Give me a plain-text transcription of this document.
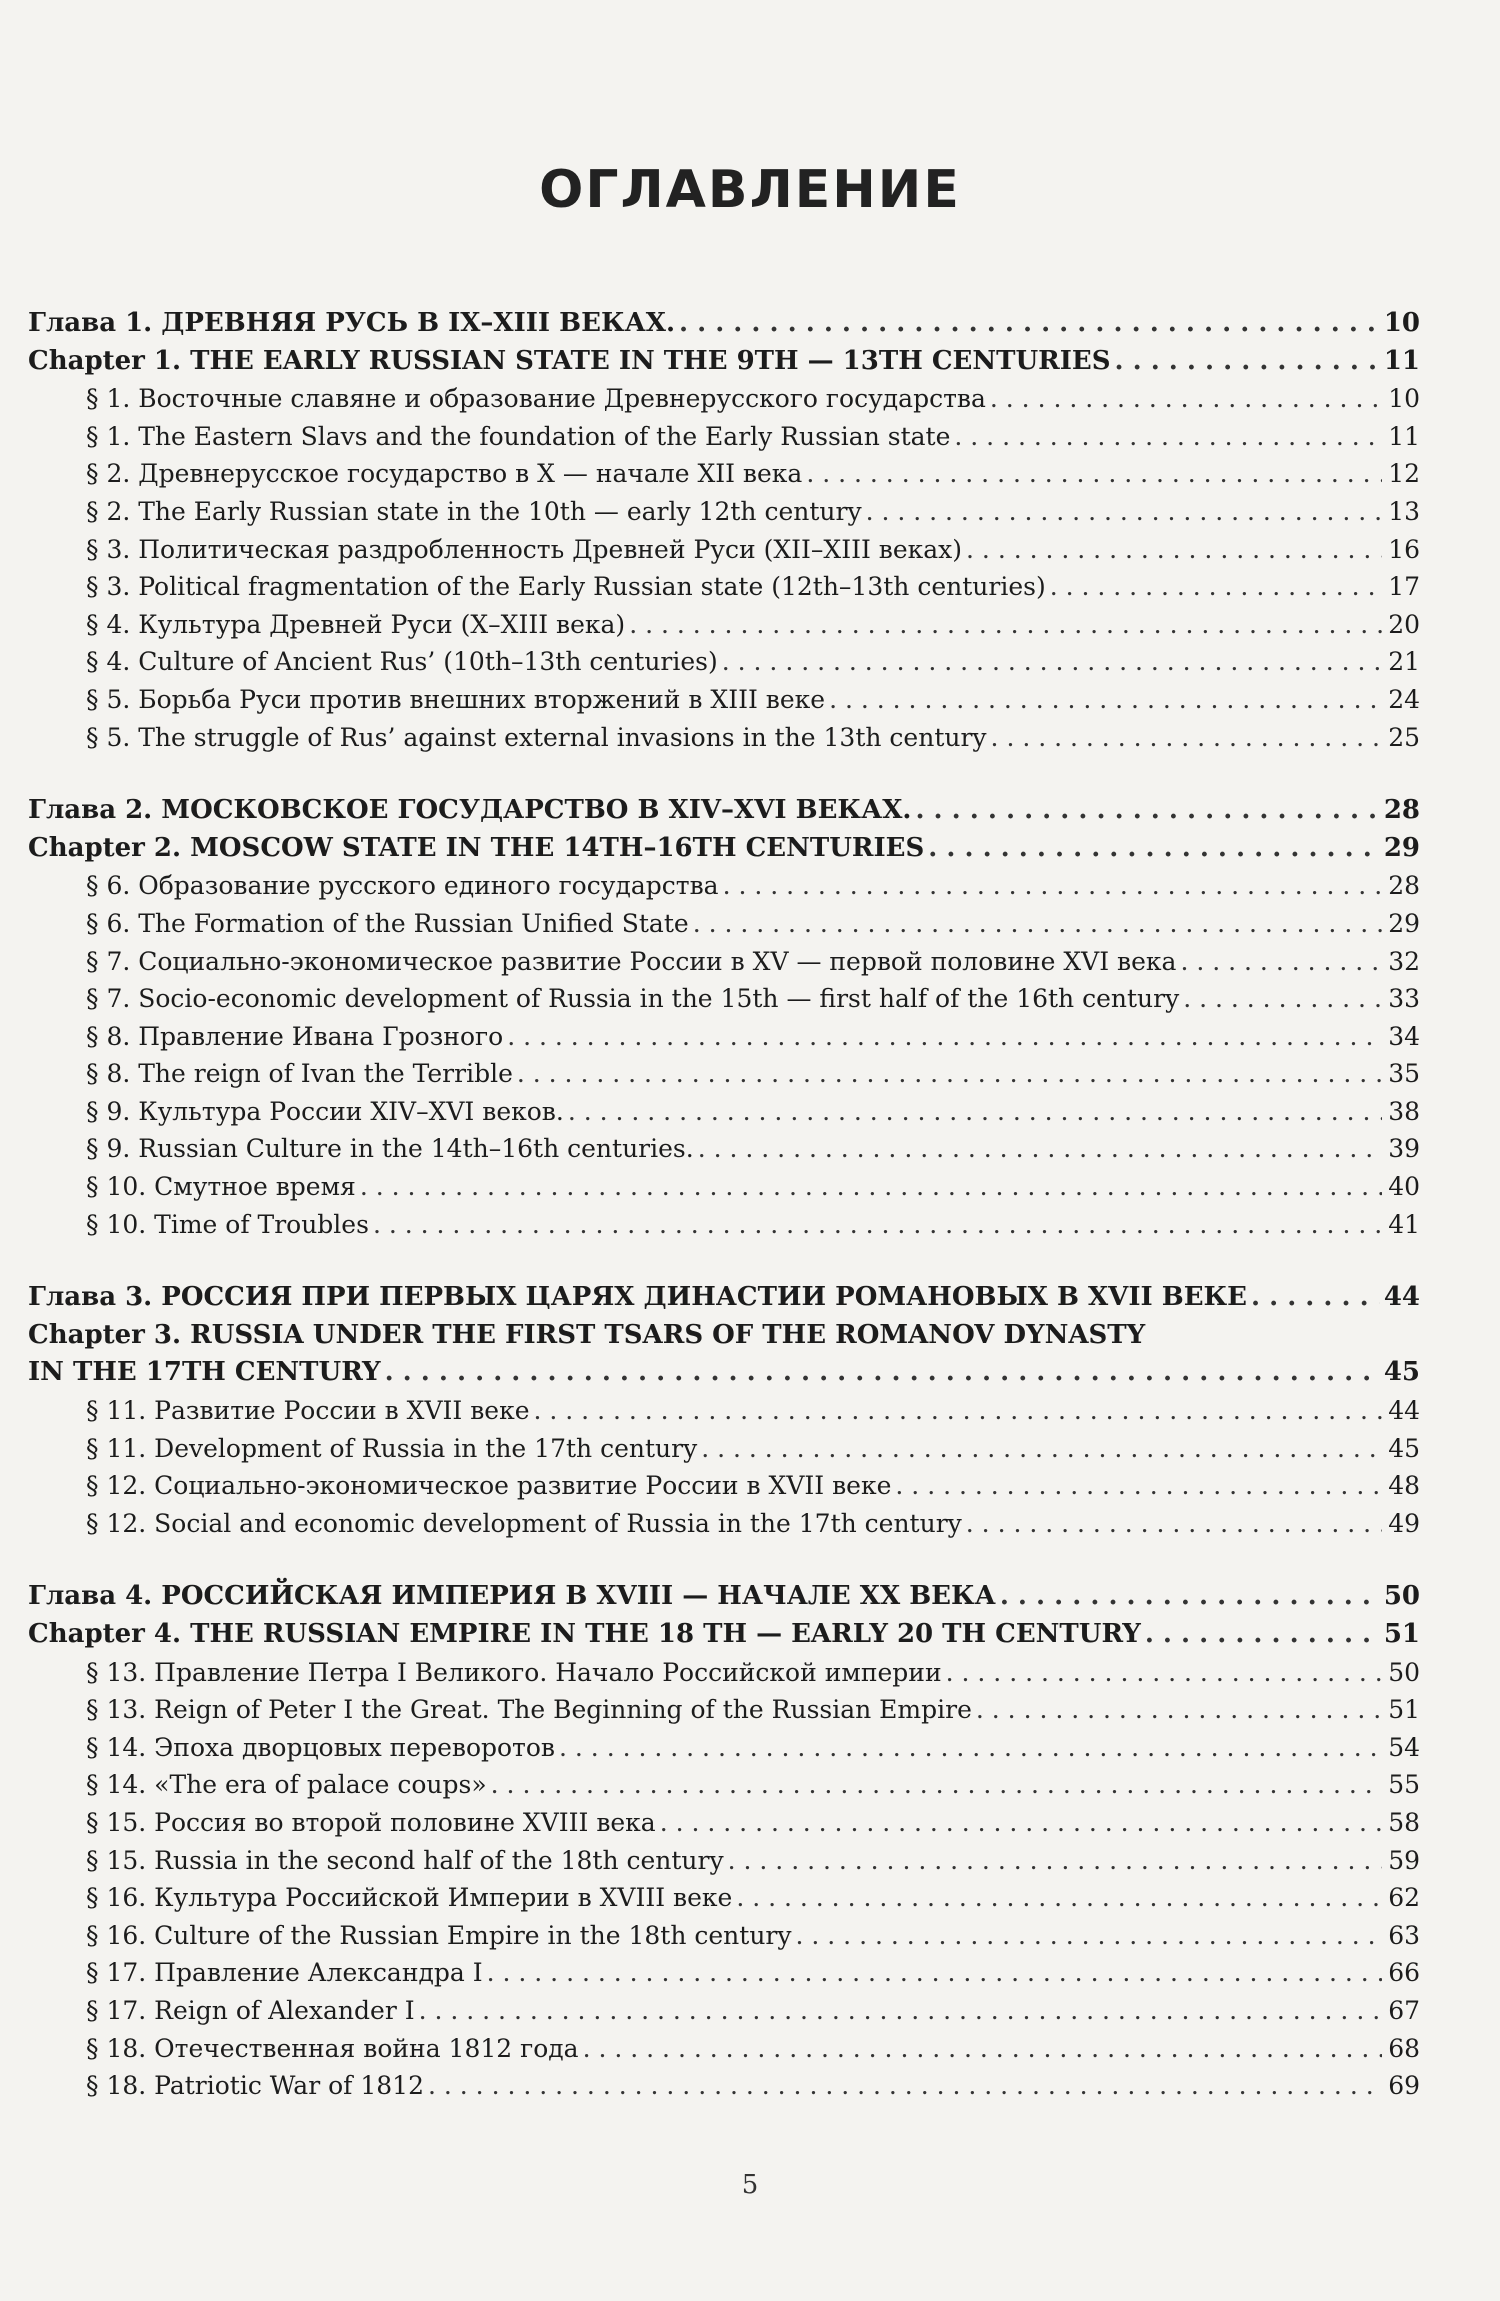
ОГЛАВЛЕНИЕ
Глава 1. ДРЕВНЯЯ РУСЬ В IX–XIII ВЕКАХ. . . .	10
Chapter 1. THE EARLY RUSSIAN STATE IN THE 9TH — 13TH CENTURIES . . .	11
§ 1. Восточные славяне и образование Древнерусского государства . . .	10
§ 1. The Eastern Slavs and the foundation of the Early Russian state . . .	11
§ 2. Древнерусское государство в X — начале XII века . . .	12
§ 2. The Early Russian state in the 10th — early 12th century . . .	13
§ 3. Политическая раздробленность Древней Руси (XII–XIII веках) . . .	16
§ 3. Political fragmentation of the Early Russian state (12th–13th centuries) . . .	17
§ 4. Культура Древней Руси (X–XIII века) . . .	20
§ 4. Culture of Ancient Rus’ (10th–13th centuries) . . .	21
§ 5. Борьба Руси против внешних вторжений в XIII веке . . .	24
§ 5. The struggle of Rus’ against external invasions in the 13th century . . .	25
Глава 2. МОСКОВСКОЕ ГОСУДАРСТВО В XIV–XVI ВЕКАХ. . . .	28
Chapter 2. MOSCOW STATE IN THE 14TH–16TH CENTURIES . . .	29
§ 6. Образование русского единого государства . . .	28
§ 6. The Formation of the Russian Unified State . . .	29
§ 7. Социально-экономическое развитие России в XV — первой половине XVI века . . .	32
§ 7. Socio-economic development of Russia in the 15th — first half of the 16th century . . .	33
§ 8. Правление Ивана Грозного . . .	34
§ 8. The reign of Ivan the Terrible . . .	35
§ 9. Культура России XIV–XVI веков. . . .	38
§ 9. Russian Culture in the 14th–16th centuries. . . .	39
§ 10. Смутное время . . .	40
§ 10. Time of Troubles . . .	41
Глава 3. РОССИЯ ПРИ ПЕРВЫХ ЦАРЯХ ДИНАСТИИ РОМАНОВЫХ В XVII ВЕКЕ . . .	44
Chapter 3. RUSSIA UNDER THE FIRST TSARS OF THE ROMANOV DYNASTY
IN THE 17TH CENTURY . . .	45
§ 11. Развитие России в XVII веке . . .	44
§ 11. Development of Russia in the 17th century . . .	45
§ 12. Социально-экономическое развитие России в XVII веке . . .	48
§ 12. Social and economic development of Russia in the 17th century . . .	49
Глава 4. РОССИЙСКАЯ ИМПЕРИЯ В XVIII — НАЧАЛЕ XX ВЕКА . . .	50
Chapter 4. THE RUSSIAN EMPIRE IN THE 18 TH — EARLY 20 TH CENTURY . . .	51
§ 13. Правление Петра I Великого. Начало Российской империи . . .	50
§ 13. Reign of Peter I the Great. The Beginning of the Russian Empire . . .	51
§ 14. Эпоха дворцовых переворотов . . .	54
§ 14. «The era of palace coups» . . .	55
§ 15. Россия во второй половине XVIII века . . .	58
§ 15. Russia in the second half of the 18th century . . .	59
§ 16. Культура Российской Империи в XVIII веке . . .	62
§ 16. Culture of the Russian Empire in the 18th century . . .	63
§ 17. Правление Александра I . . .	66
§ 17. Reign of Alexander I . . .	67
§ 18. Отечественная война 1812 года . . .	68
§ 18. Patriotic War of 1812 . . .	69
5
